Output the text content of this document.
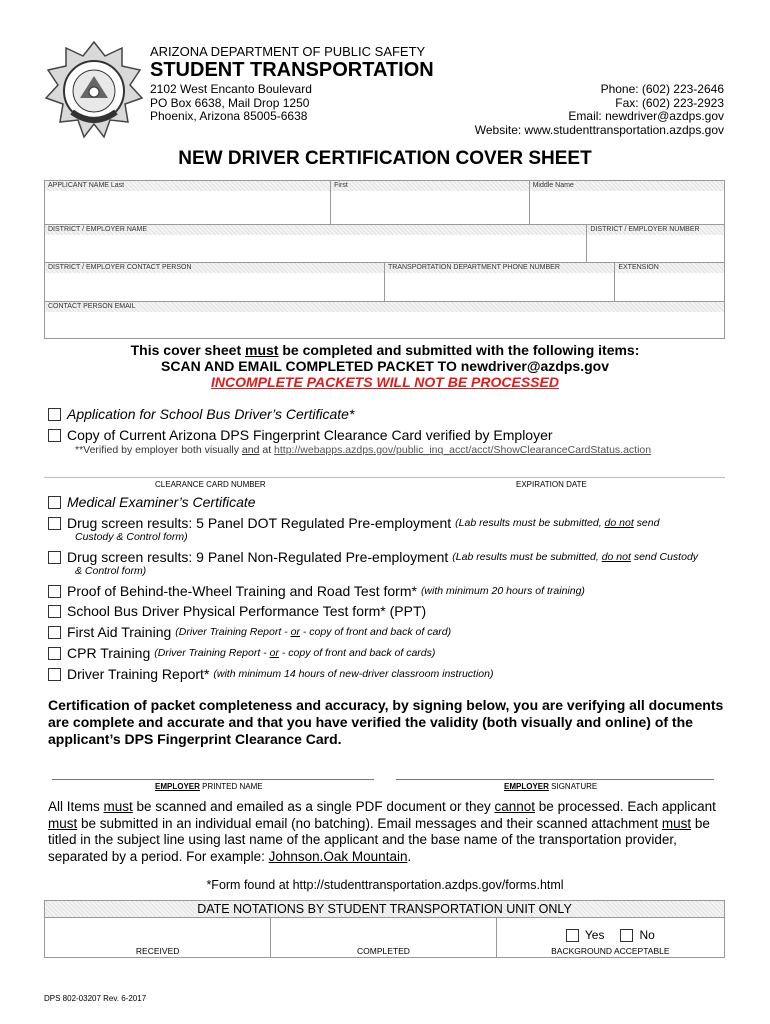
ARIZONA DEPARTMENT OF PUBLIC SAFETY
STUDENT TRANSPORTATION
2102 West Encanto Boulevard
PO Box 6638, Mail Drop 1250
Phoenix, Arizona 85005-6638
Phone: (602) 223-2646
Fax: (602) 223-2923
Email: newdriver@azdps.gov
Website: www.studenttransportation.azdps.gov
NEW DRIVER CERTIFICATION COVER SHEET
APPLICANT NAME Last	First	Middle Name
DISTRICT / EMPLOYER NAME	DISTRICT / EMPLOYER NUMBER
DISTRICT / EMPLOYER CONTACT PERSON	TRANSPORTATION DEPARTMENT PHONE NUMBER	EXTENSION
CONTACT PERSON EMAIL
This cover sheet must be completed and submitted with the following items:
SCAN AND EMAIL COMPLETED PACKET TO newdriver@azdps.gov
INCOMPLETE PACKETS WILL NOT BE PROCESSED
Application for School Bus Driver’s Certificate*
Copy of Current Arizona DPS Fingerprint Clearance Card verified by Employer
**Verified by employer both visually and at http://webapps.azdps.gov/public_inq_acct/acct/ShowClearanceCardStatus.action
CLEARANCE CARD NUMBER	EXPIRATION DATE
Medical Examiner’s Certificate
Drug screen results: 5 Panel DOT Regulated Pre-employment (Lab results must be submitted, do not send
Custody & Control form)
Drug screen results: 9 Panel Non-Regulated Pre-employment (Lab results must be submitted, do not send Custody
& Control form)
Proof of Behind-the-Wheel Training and Road Test form* (with minimum 20 hours of training)
School Bus Driver Physical Performance Test form* (PPT)
First Aid Training (Driver Training Report - or - copy of front and back of card)
CPR Training (Driver Training Report - or - copy of front and back of cards)
Driver Training Report* (with minimum 14 hours of new-driver classroom instruction)
Certification of packet completeness and accuracy, by signing below, you are verifying all documents are complete and accurate and that you have verified the validity (both visually and online) of the applicant’s DPS Fingerprint Clearance Card.
EMPLOYER PRINTED NAME	EMPLOYER SIGNATURE
All Items must be scanned and emailed as a single PDF document or they cannot be processed. Each applicant must be submitted in an individual email (no batching). Email messages and their scanned attachment must be titled in the subject line using last name of the applicant and the base name of the transportation provider, separated by a period. For example: Johnson.Oak Mountain.
*Form found at http://studenttransportation.azdps.gov/forms.html
DATE NOTATIONS BY STUDENT TRANSPORTATION UNIT ONLY
RECEIVED	COMPLETED
Yes	No
BACKGROUND ACCEPTABLE
DPS 802-03207 Rev. 6-2017
